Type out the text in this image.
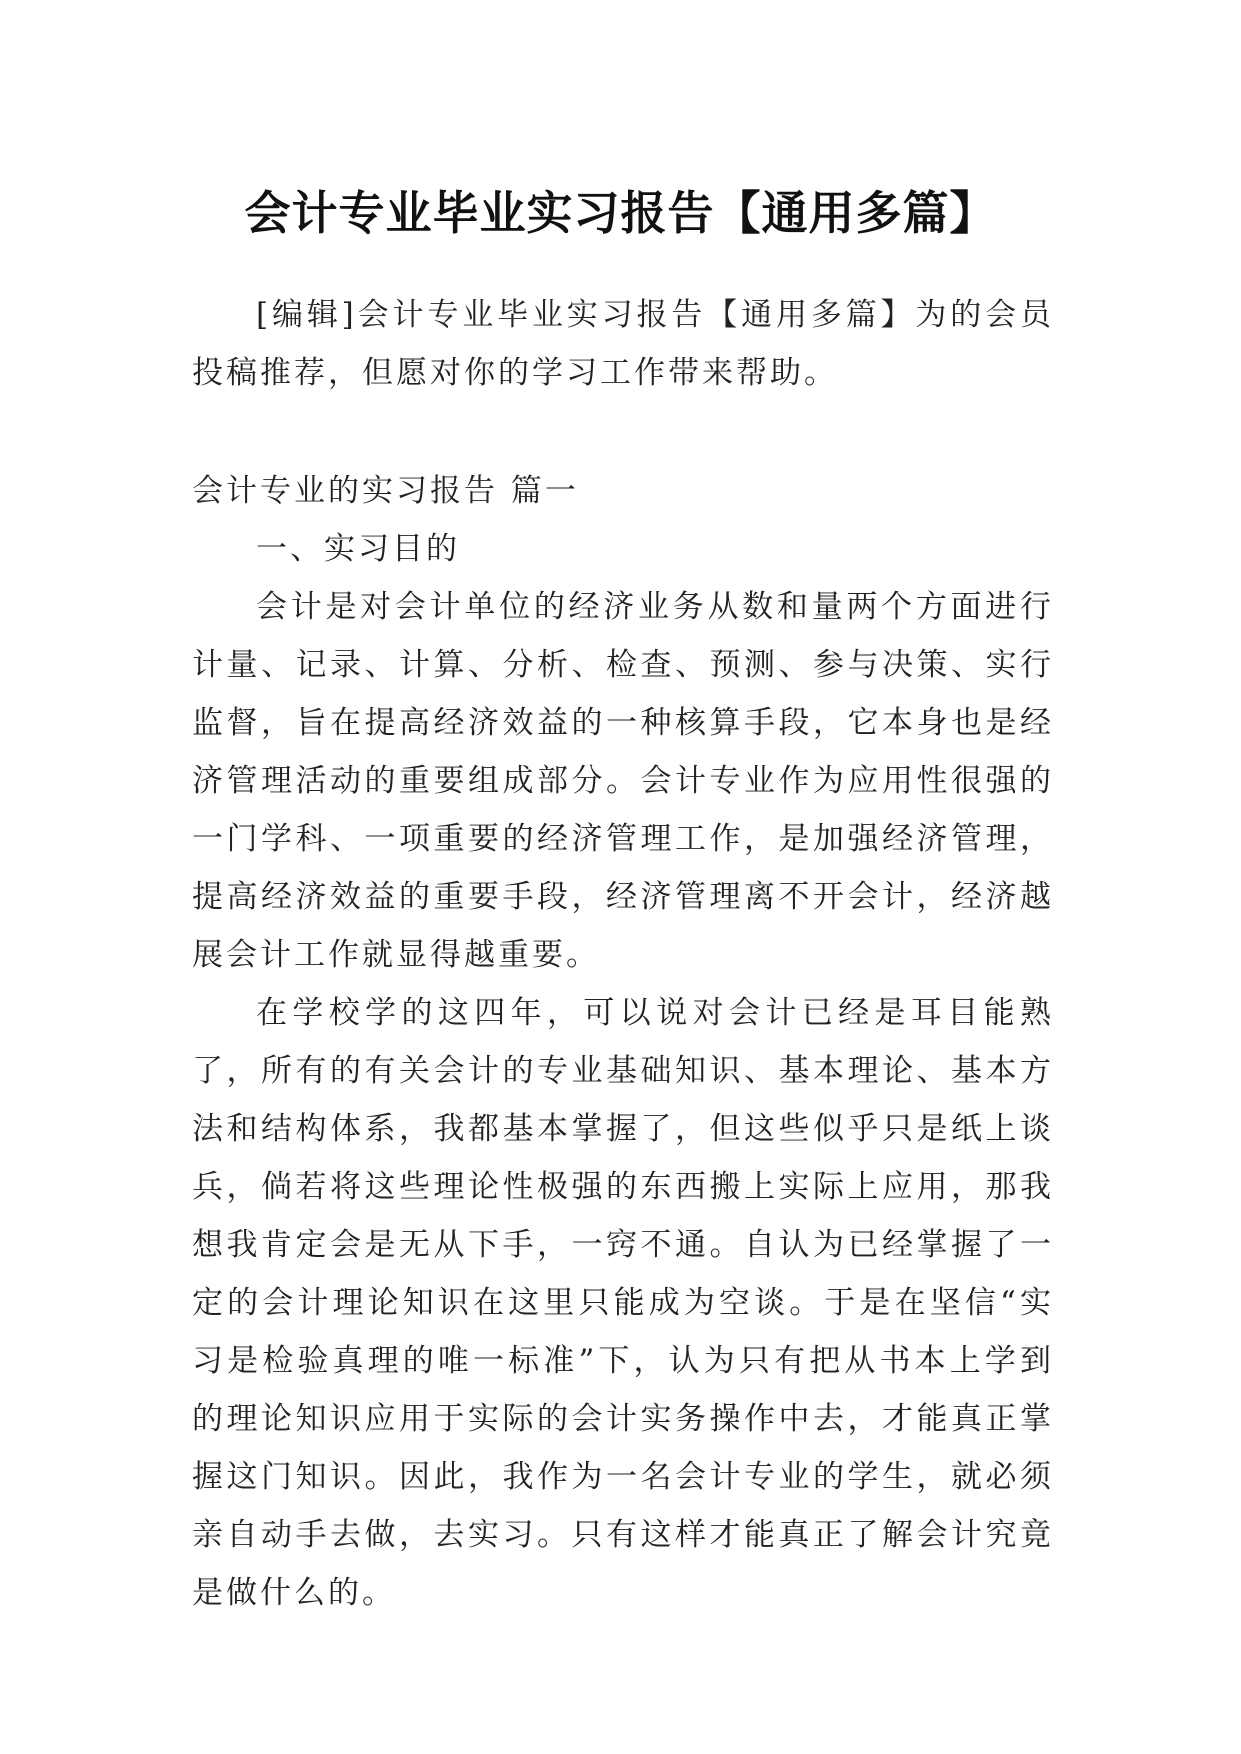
会计专业毕业实习报告【通用多篇】

[编辑]会计专业毕业实习报告【通用多篇】为的会员投稿推荐，但愿对你的学习工作带来帮助。

会计专业的实习报告 篇一

一、实习目的

会计是对会计单位的经济业务从数和量两个方面进行计量、记录、计算、分析、检查、预测、参与决策、实行监督，旨在提高经济效益的一种核算手段，它本身也是经济管理活动的重要组成部分。会计专业作为应用性很强的一门学科、一项重要的经济管理工作，是加强经济管理，提高经济效益的重要手段，经济管理离不开会计，经济越展会计工作就显得越重要。

在学校学的这四年，可以说对会计已经是耳目能熟了，所有的有关会计的专业基础知识、基本理论、基本方法和结构体系，我都基本掌握了，但这些似乎只是纸上谈兵，倘若将这些理论性极强的东西搬上实际上应用，那我想我肯定会是无从下手，一窍不通。自认为已经掌握了一定的会计理论知识在这里只能成为空谈。于是在坚信“实习是检验真理的唯一标准”下，认为只有把从书本上学到的理论知识应用于实际的会计实务操作中去，才能真正掌握这门知识。因此，我作为一名会计专业的学生，就必须亲自动手去做，去实习。只有这样才能真正了解会计究竟是做什么的。
